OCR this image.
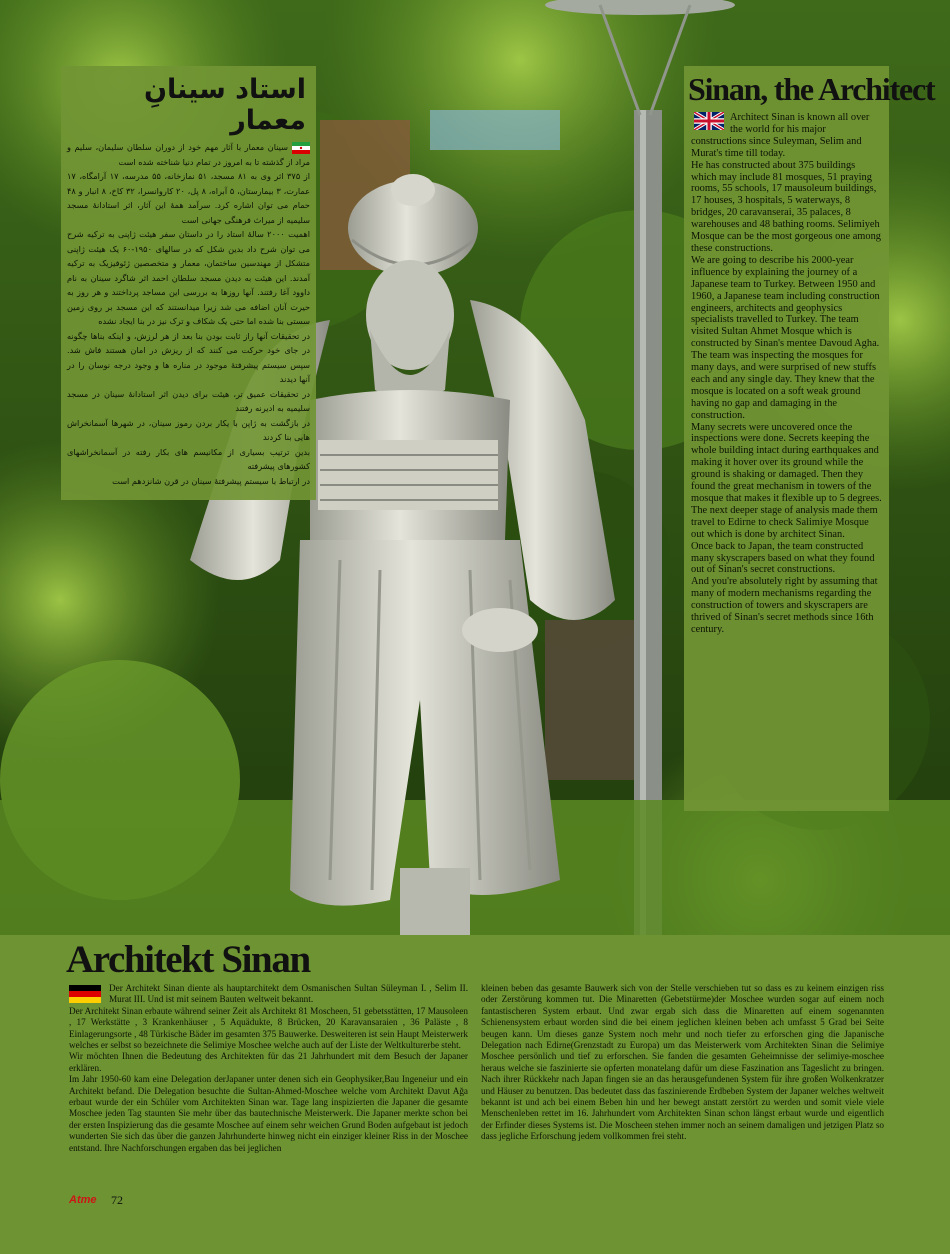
استاد سینانِ معمار

سینان معمار با آثار مهم خود از دوران سلطان سلیمان، سلیم و مراد از گذشته تا به امروز در تمام دنیا شناخته شده است

از ۳۷۵ اثر وی به ۸۱ مسجد، ۵۱ نمازخانه، ۵۵ مدرسه، ۱۷ آرامگاه، ۱۷ عمارت، ۳ بیمارستان، ۵ آبراه، ۸ پل، ۲۰ کاروانسرا، ۳۲ کاخ، ۸ انبار و ۴۸ حمام می توان اشاره کرد. سرآمد همهٔ این آثار، اثر استادانهٔ مسجد سلیمیه از میراث فرهنگی جهانی است

اهمیت ۲۰۰۰ سالهٔ استاد را در داستان سفر هیئت ژاپنی به ترکیه شرح می توان شرح داد بدین شکل که در سالهای ۱۹۵۰-۶۰ یک هیئت ژاپنی متشکل از مهندسین ساختمان، معمار و متخصصین ژئوفیزیک به ترکیه آمدند. این هیئت به دیدن مسجد سلطان احمد اثر شاگرد سینان به نام داوود آغا رفتند. آنها روزها به بررسی این مساجد پرداختند و هر روز به حیرت آنان اضافه می شد زیرا میدانستند که این مسجد بر روی زمین سستی بنا شده اما حتی یک شکاف و ترک نیز در بنا ایجاد نشده

در تحقیقات آنها راز ثابت بودن بنا بعد از هر لرزش، و اینکه بناها چگونه در جای خود حرکت می کنند که از ریزش در امان هستند فاش شد. سپس سیستم پیشرفتهٔ موجود در مناره ها و وجود درجه نوسان را در آنها دیدند

در تحقیقات عمیق تر، هیئت برای دیدن اثر استادانهٔ سینان در مسجد سلیمیه به ادیرنه رفتند

در بازگشت به ژاپن با یکار بردن رموز سینان، در شهرها آسمانخراش هایی بنا کردند

بدین ترتیب بسیاری از مکانیسم های بکار رفته در آسمانخراشهای کشورهای پیشرفته

در ارتباط با سیستم پیشرفتهٔ سینان در قرن شانزدهم است

Sinan, the Architect

Architect Sinan is known all over the world for his major constructions since Suleyman, Selim and Murat's time till today.

He has constructed about 375 buildings which may include 81 mosques, 51 praying rooms, 55 schools, 17 mausoleum buildings, 17 houses, 3 hospitals, 5 waterways, 8 bridges, 20 caravanserai, 35 palaces, 8 warehouses and 48 bathing rooms. Selimiyeh Mosque can be the most gorgeous one among these constructions.

We are going to describe his 2000-year influence by explaining the journey of a Japanese team to Turkey. Between 1950 and 1960, a Japanese team including construction engineers, architects and geophysics specialists travelled to Turkey. The team visited Sultan Ahmet Mosque which is constructed by Sinan's mentee Davoud Agha. The team was inspecting the mosques for many days, and were surprised of new stuffs each and any single day. They knew that the mosque is located on a soft weak ground having no gap and damaging in the construction.

Many secrets were uncovered once the inspections were done. Secrets keeping the whole building intact during earthquakes and making it hover over its ground while the ground is shaking or damaged. Then they found the great mechanism in towers of the mosque that makes it flexible up to 5 degrees.

The next deeper stage of analysis made them travel to Edirne to check Salimiye Mosque out which is done by architect Sinan.

Once back to Japan, the team constructed many skyscrapers based on what they found out of Sinan's secret constructions.

And you're absolutely right by assuming that many of modern mechanisms regarding the construction of towers and skyscrapers are thrived of Sinan's secret methods since 16th century.

Architekt Sinan
Der Architekt Sinan diente als hauptarchitekt dem Osmanischen Sultan Süleyman I. , Selim II. Murat III. Und ist mit seinem Bauten weltweit bekannt.
Der Architekt Sinan erbaute während seiner Zeit als Architekt 81 Moscheen, 51 gebetsstätten, 17 Mausoleen , 17 Werkstätte , 3 Krankenhäuser , 5 Aquädukte, 8 Brücken, 20 Karavansaraien , 36 Paläste , 8 Einlagerungsorte , 48 Türkische Bäder im gesamten 375 Bauwerke. Desweiteren ist sein Haupt Meisterwerk welches er selbst so bezeichnete die Selimiye Moschee welche auch auf der Liste der Weltkulturerbe steht.
Wir möchten Ihnen die Bedeutung des Architekten für das 21 Jahrhundert mit dem Besuch der Japaner erklären.
Im Jahr 1950-60 kam eine Delegation derJapaner unter denen sich ein Geophysiker,Bau Ingeneiur und ein Architekt befand. Die Delegation besuchte die Sultan-Ahmed-Moschee welche vom Architekt Davut Ağa erbaut wurde der ein Schüler vom Architekten Sinan war. Tage lang inspizierten die Japaner die gesamte Moschee jeden Tag staunten Sie mehr über das bautechnische Meisterwerk. Die Japaner merkte schon bei der ersten Inspizierung das die gesamte Moschee auf einem sehr weichen Grund Boden aufgebaut ist jedoch wunderten Sie sich das über die ganzen Jahrhunderte hinweg nicht ein einziger kleiner Riss in der Moschee entstand. Ihre Nachforschungen ergaben das bei jeglichen
kleinen beben das gesamte Bauwerk sich von der Stelle verschieben tut so dass es zu keinem einzigen riss oder Zerstörung kommen tut. Die Minaretten (Gebetstürme)der Moschee wurden sogar auf einem noch fantastischeren System erbaut. Und zwar ergab sich dass die Minaretten auf einem sogenannten Schienensystem erbaut worden sind die bei einem jeglichen kleinen beben ach umfasst 5 Grad bei Seite beugen kann. Um dieses ganze System noch mehr und noch tiefer zu erforschen ging die Japanische Delegation nach Edirne(Grenzstadt zu Europa) um das Meisterwerk vom Architekten Sinan die Selimiye Moschee persönlich und tief zu erforschen. Sie fanden die gesamten Geheimnisse der selimiye-moschee heraus welche sie faszinierte sie opferten monatelang dafür um diese Faszination ans Tageslicht zu bringen. Nach ihrer Rückkehr nach Japan fingen sie an das herausgefundenen System für ihre großen Wolkenkratzer und Häuser zu benutzen. Das bedeutet dass das faszinierende Erdbeben System der Japaner welches weltweit bekannt ist und ach bei einem Beben hin und her bewegt anstatt zerstört zu werden und somit viele viele Menschenleben rettet im 16. Jahrhundert vom Architekten Sinan schon längst erbaut wurde und eigentlich der Erfinder dieses Systems ist. Die Moscheen stehen immer noch an seinem damaligen und jetzigen Platz so dass jegliche Erforschung jedem vollkommen frei steht.
Atme 72
